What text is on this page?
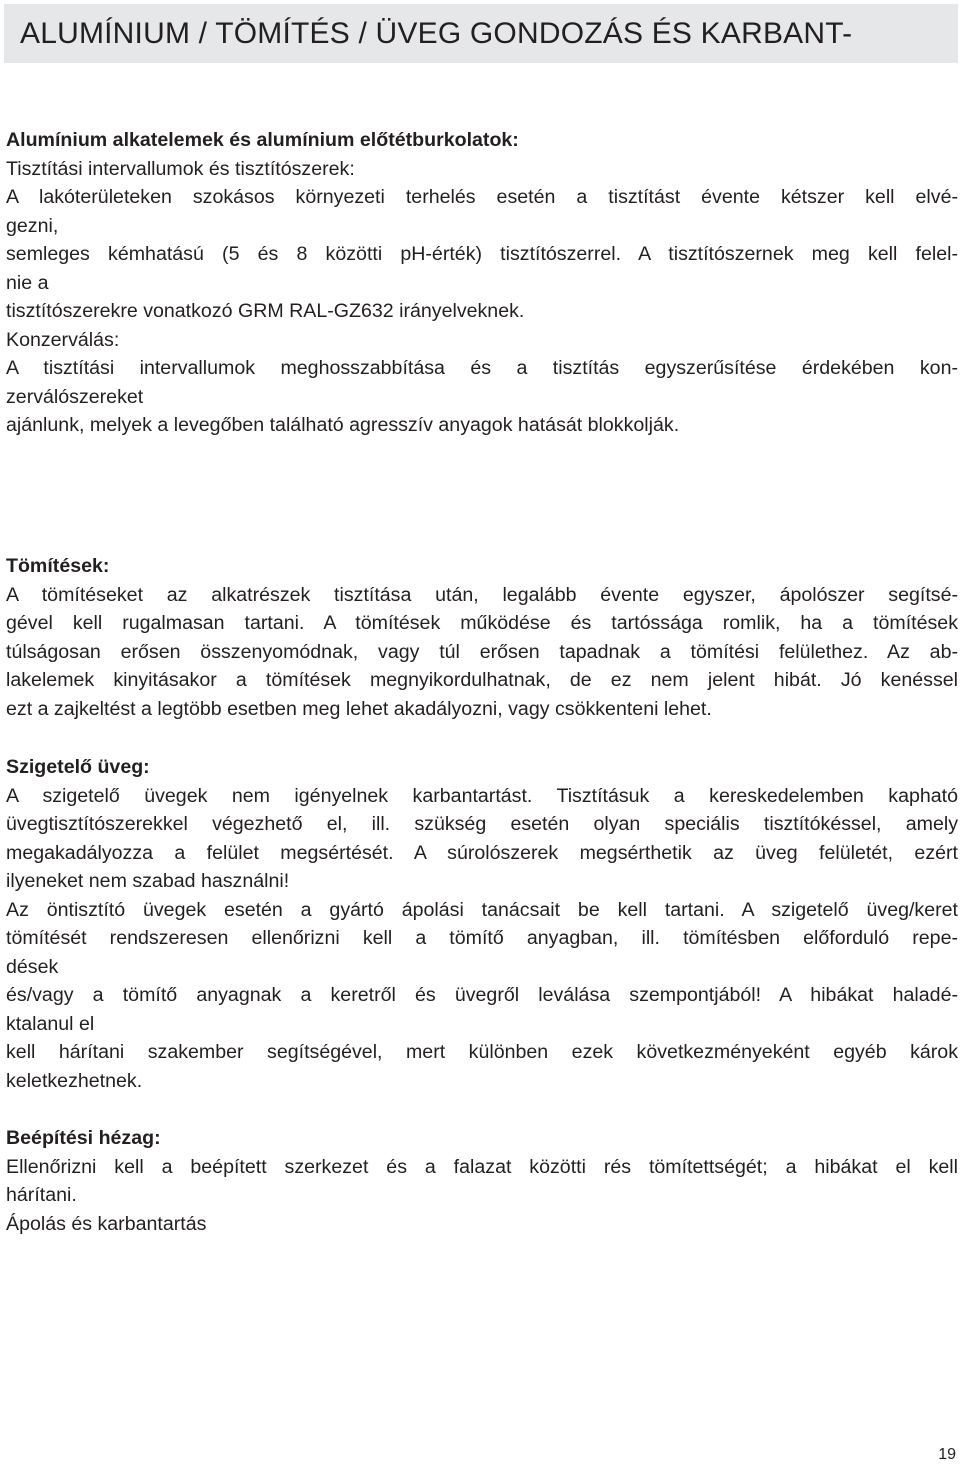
ALUMÍNIUM / TÖMÍTÉS / ÜVEG GONDOZÁS ÉS KARBANT-

Alumínium alkatelemek és alumínium előtétburkolatok:

Tisztítási intervallumok és tisztítószerek:

A lakóterületeken szokásos környezeti terhelés esetén a tisztítást évente kétszer kell elvé-

gezni,

semleges kémhatású (5 és 8 közötti pH-érték) tisztítószerrel. A tisztítószernek meg kell felel-

nie a

tisztítószerekre vonatkozó GRM RAL-GZ632 irányelveknek.

Konzerválás:

A tisztítási intervallumok meghosszabbítása és a tisztítás egyszerűsítése érdekében kon-

zerválószereket

ajánlunk, melyek a levegőben található agresszív anyagok hatását blokkolják.

Tömítések:

A tömítéseket az alkatrészek tisztítása után, legalább évente egyszer, ápolószer segítsé-

gével kell rugalmasan tartani. A tömítések működése és tartóssága romlik, ha a tömítések

túlságosan erősen összenyomódnak, vagy túl erősen tapadnak a tömítési felülethez. Az ab-

lakelemek kinyitásakor a tömítések megnyikordulhatnak, de ez nem jelent hibát. Jó kenéssel

ezt a zajkeltést a legtöbb esetben meg lehet akadályozni, vagy csökkenteni lehet.

Szigetelő üveg:

A szigetelő üvegek nem igényelnek karbantartást. Tisztításuk a kereskedelemben kapható

üvegtisztítószerekkel végezhető el, ill. szükség esetén olyan speciális tisztítókéssel, amely

megakadályozza a felület megsértését. A súrolószerek megsérthetik az üveg felületét, ezért

ilyeneket nem szabad használni!

Az öntisztító üvegek esetén a gyártó ápolási tanácsait be kell tartani. A szigetelő üveg/keret

tömítését rendszeresen ellenőrizni kell a tömítő anyagban, ill. tömítésben előforduló repe-

dések

és/vagy a tömítő anyagnak a keretről és üvegről leválása szempontjából! A hibákat haladé-

ktalanul el

kell hárítani szakember segítségével, mert különben ezek következményeként egyéb károk

keletkezhetnek.

Beépítési hézag:

Ellenőrizni kell a beépített szerkezet és a falazat közötti rés tömítettségét; a hibákat el kell

hárítani.

Ápolás és karbantartás

19
